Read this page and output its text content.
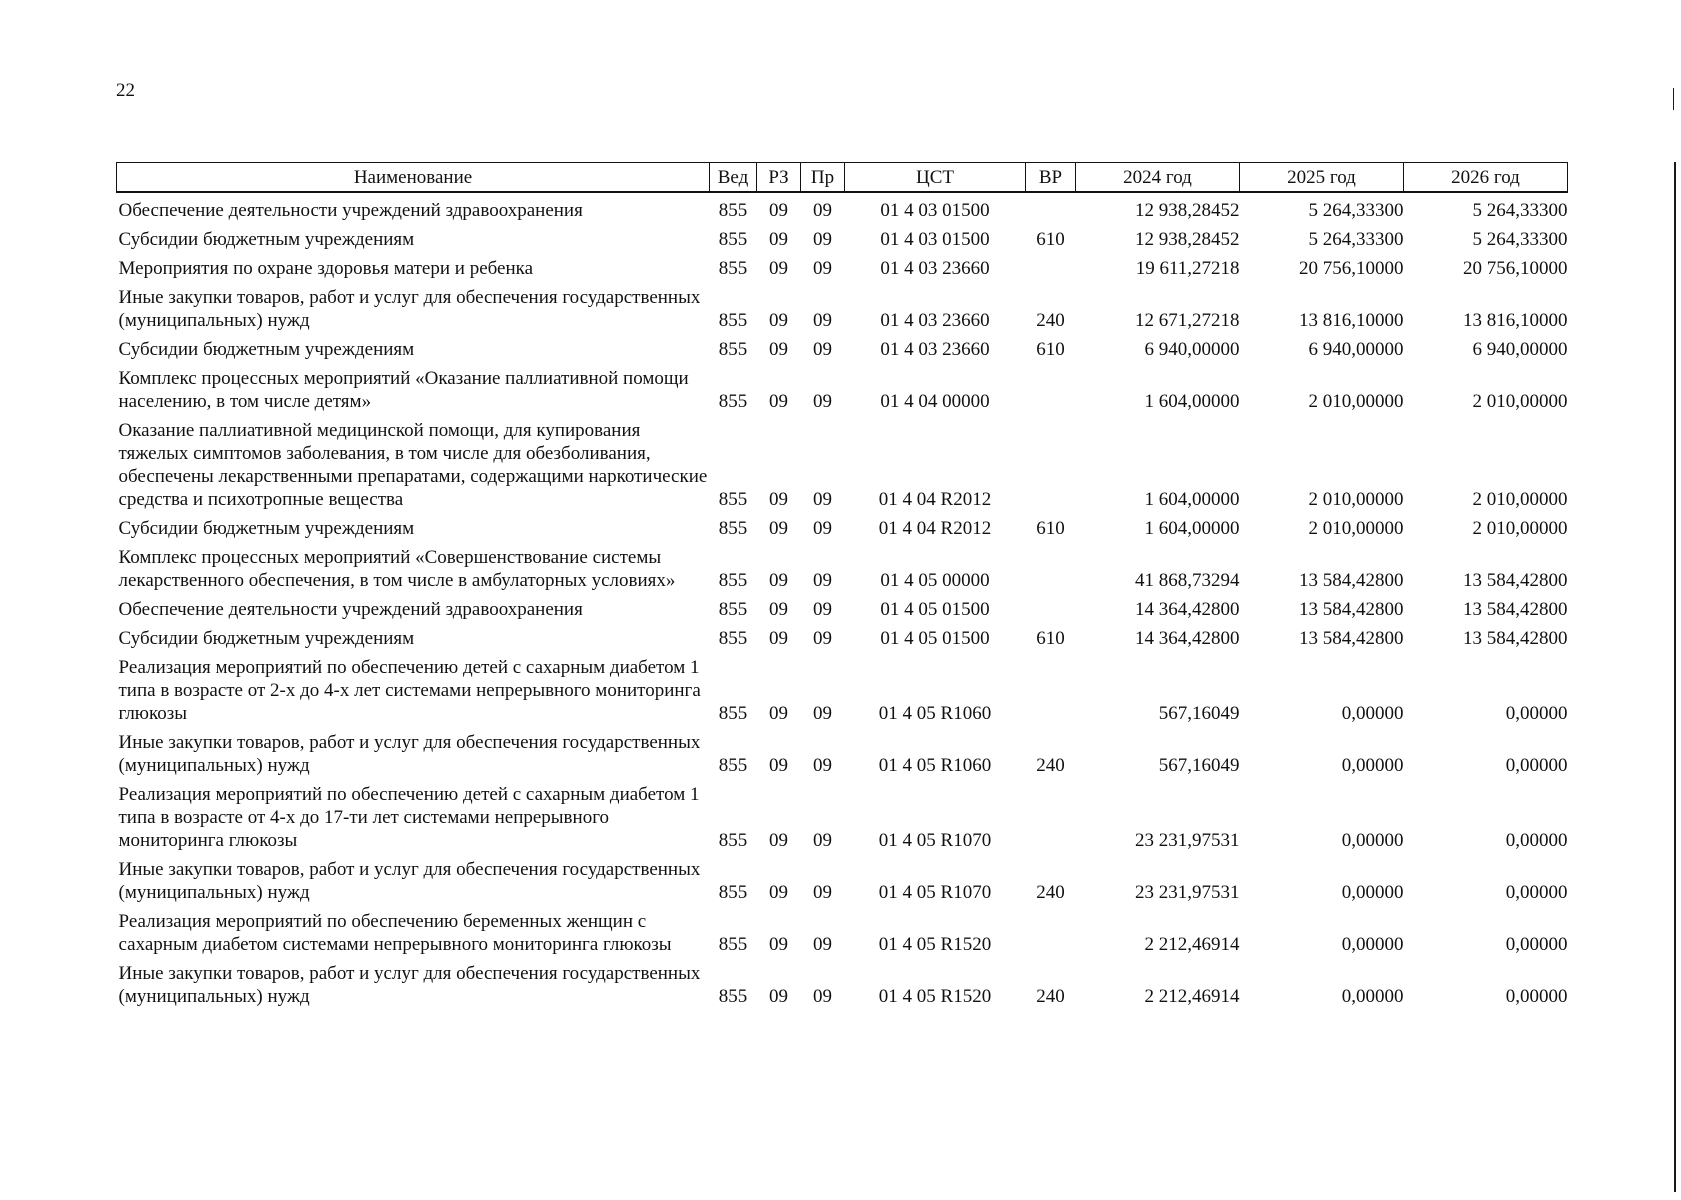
22
Наименование	Вед	РЗ	Пр	ЦСТ	ВР	2024 год	2025 год	2026 год
Обеспечение деятельности учреждений здравоохранения	855	09	09	01 4 03 01500		12 938,28452	5 264,33300	5 264,33300
Субсидии бюджетным учреждениям	855	09	09	01 4 03 01500	610	12 938,28452	5 264,33300	5 264,33300
Мероприятия по охране здоровья матери и ребенка	855	09	09	01 4 03 23660		19 611,27218	20 756,10000	20 756,10000
Иные закупки товаров, работ и услуг для обеспечения государственных (муниципальных) нужд	855	09	09	01 4 03 23660	240	12 671,27218	13 816,10000	13 816,10000
Субсидии бюджетным учреждениям	855	09	09	01 4 03 23660	610	6 940,00000	6 940,00000	6 940,00000
Комплекс процессных мероприятий «Оказание паллиативной помощи населению, в том числе детям»	855	09	09	01 4 04 00000		1 604,00000	2 010,00000	2 010,00000
Оказание паллиативной медицинской помощи, для купирования тяжелых симптомов заболевания, в том числе для обезболивания, обеспечены лекарственными препаратами, содержащими наркотические средства и психотропные вещества	855	09	09	01 4 04 R2012		1 604,00000	2 010,00000	2 010,00000
Субсидии бюджетным учреждениям	855	09	09	01 4 04 R2012	610	1 604,00000	2 010,00000	2 010,00000
Комплекс процессных мероприятий «Совершенствование системы лекарственного обеспечения, в том числе в амбулаторных условиях»	855	09	09	01 4 05 00000		41 868,73294	13 584,42800	13 584,42800
Обеспечение деятельности учреждений здравоохранения	855	09	09	01 4 05 01500		14 364,42800	13 584,42800	13 584,42800
Субсидии бюджетным учреждениям	855	09	09	01 4 05 01500	610	14 364,42800	13 584,42800	13 584,42800
Реализация мероприятий по обеспечению детей с сахарным диабетом 1 типа в возрасте от 2-х до 4-х лет системами непрерывного мониторинга глюкозы	855	09	09	01 4 05 R1060		567,16049	0,00000	0,00000
Иные закупки товаров, работ и услуг для обеспечения государственных (муниципальных) нужд	855	09	09	01 4 05 R1060	240	567,16049	0,00000	0,00000
Реализация мероприятий по обеспечению детей с сахарным диабетом 1 типа в возрасте от 4-х до 17-ти лет системами непрерывного мониторинга глюкозы	855	09	09	01 4 05 R1070		23 231,97531	0,00000	0,00000
Иные закупки товаров, работ и услуг для обеспечения государственных (муниципальных) нужд	855	09	09	01 4 05 R1070	240	23 231,97531	0,00000	0,00000
Реализация мероприятий по обеспечению беременных женщин с сахарным диабетом системами непрерывного мониторинга глюкозы	855	09	09	01 4 05 R1520		2 212,46914	0,00000	0,00000
Иные закупки товаров, работ и услуг для обеспечения государственных (муниципальных) нужд	855	09	09	01 4 05 R1520	240	2 212,46914	0,00000	0,00000
